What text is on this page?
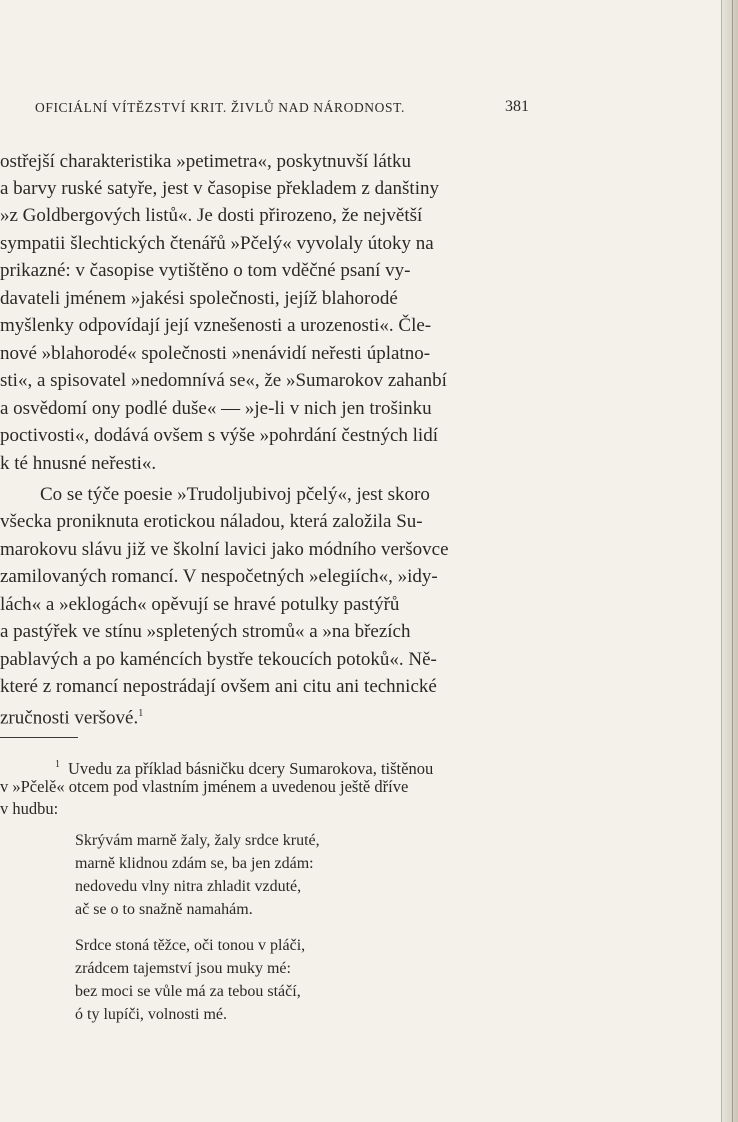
OFICIÁLNÍ VÍTĚZSTVÍ KRIT. ŽIVLŮ NAD NÁRODNOST.	381
ostřejší charakteristika »petimetra«, poskytnuvší látku
a barvy ruské satyře, jest v časopise překladem z danštiny
»z Goldbergových listů«. Je dosti přirozeno, že největší
sympatii šlechtických čtenářů »Pčelý« vyvolaly útoky na
prikazné: v časopise vytištěno o tom vděčné psaní vy-
davateli jménem »jakési společnosti, jejíž blahorodé
myšlenky odpovídají její vznešenosti a urozenosti«. Čle-
nové »blahorodé« společnosti »nenávidí neřesti úplatno-
sti«, a spisovatel »nedomnívá se«, že »Sumarokov zahanbí
a osvědomí ony podlé duše« — »je-li v nich jen trošinku
poctivosti«, dodává ovšem s výše »pohrdání čestných lidí
k té hnusné neřesti«.
Co se týče poesie »Trudoljubivoj pčelý«, jest skoro
všecka proniknuta erotickou náladou, která založila Su-
marokovu slávu již ve školní lavici jako módního veršovce
zamilovaných romancí. V nespočetných »elegiích«, »idy-
lách« a »eklogách« opěvují se hravé potulky pastýřů
a pastýřek ve stínu »spletených stromů« a »na březích
pablavých a po kaméncích bystře tekoucích potoků«. Ně-
které z romancí nepostrádají ovšem ani citu ani technické
zručnosti veršové.$^1$
$^1$ Uvedu za příklad básničku dcery Sumarokova, tištěnou
v »Pčelě« otcem pod vlastním jménem a uvedenou ještě dříve
v hudbu:
Skrývám marně žaly, žaly srdce kruté,
marně klidnou zdám se, ba jen zdám:
nedovedu vlny nitra zhladit vzduté,
ač se o to snažně namahám.
Srdce stoná těžce, oči tonou v pláči,
zrádcem tajemství jsou muky mé:
bez moci se vůle má za tebou stáčí,
ó ty lupíči, volnosti mé.
